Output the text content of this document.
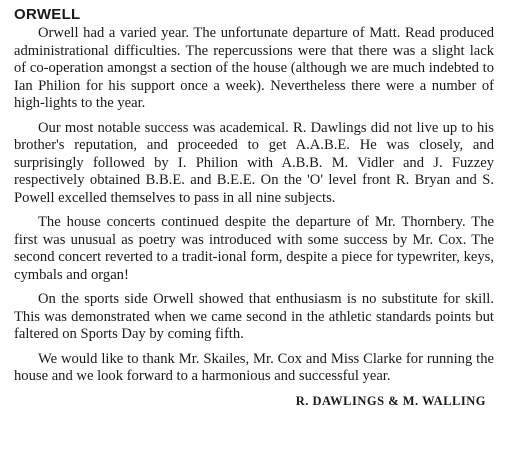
ORWELL

Orwell had a varied year. The unfortunate departure of Matt. Read produced administrational difficulties. The repercussions were that there was a slight lack of co-operation amongst a section of the house (although we are much indebted to Ian Philion for his support once a week). Nevertheless there were a number of high-lights to the year.

Our most notable success was academical. R. Dawlings did not live up to his brother's reputation, and proceeded to get A.A.B.E. He was closely, and surprisingly followed by I. Philion with A.B.B. M. Vidler and J. Fuzzey respectively obtained B.B.E. and B.E.E. On the 'O' level front R. Bryan and S. Powell excelled themselves to pass in all nine subjects.

The house concerts continued despite the departure of Mr. Thornbery. The first was unusual as poetry was introduced with some success by Mr. Cox. The second concert reverted to a tradit-ional form, despite a piece for typewriter, keys, cymbals and organ!

On the sports side Orwell showed that enthusiasm is no substitute for skill. This was demonstrated when we came second in the athletic standards points but faltered on Sports Day by coming fifth.

We would like to thank Mr. Skailes, Mr. Cox and Miss Clarke for running the house and we look forward to a harmonious and successful year.

R. DAWLINGS & M. WALLING
